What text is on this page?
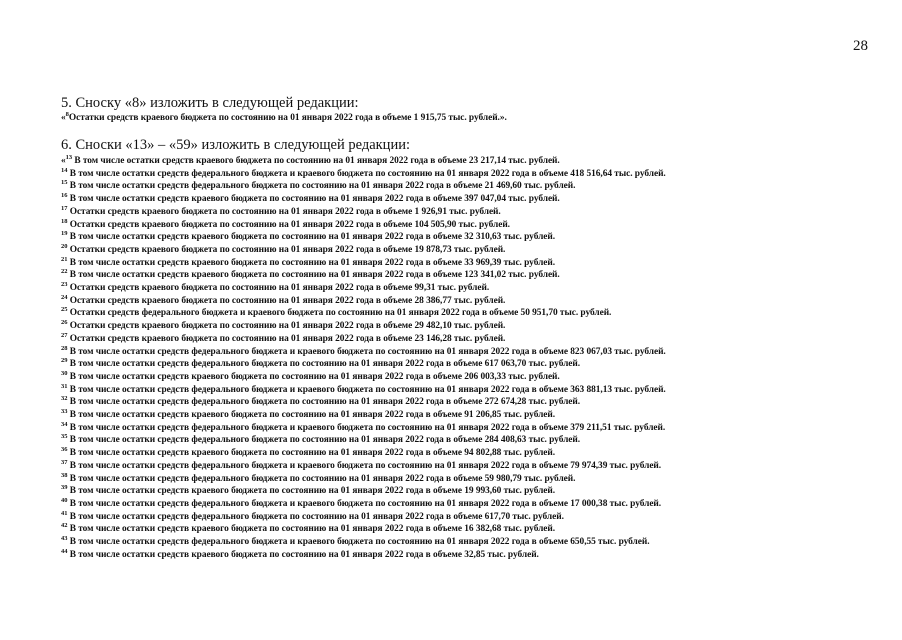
28

5. Сноску «8» изложить в следующей редакции:

«$^8$Остатки средств краевого бюджета по состоянию на 01 января 2022 года в объеме 1 915,75 тыс. рублей.».

6. Сноски «13» – «59» изложить в следующей редакции:

«$^{13}$ В том числе остатки средств краевого бюджета по состоянию на 01 января 2022 года в объеме 23 217,14 тыс. рублей.
$^{14}$ В том числе остатки средств федерального бюджета и краевого бюджета по состоянию на 01 января 2022 года в объеме 418 516,64 тыс. рублей.
$^{15}$ В том числе остатки средств федерального бюджета по состоянию на 01 января 2022 года в объеме 21 469,60 тыс. рублей.
$^{16}$ В том числе остатки средств краевого бюджета по состоянию на 01 января 2022 года в объеме 397 047,04 тыс. рублей.
$^{17}$ Остатки средств краевого бюджета по состоянию на 01 января 2022 года в объеме 1 926,91 тыс. рублей.
$^{18}$ Остатки средств краевого бюджета по состоянию на 01 января 2022 года в объеме 104 505,90 тыс. рублей.
$^{19}$ В том числе остатки средств краевого бюджета по состоянию на 01 января 2022 года в объеме 32 310,63 тыс. рублей.
$^{20}$ Остатки средств краевого бюджета по состоянию на 01 января 2022 года в объеме 19 878,73 тыс. рублей.
$^{21}$ В том числе остатки средств краевого бюджета по состоянию на 01 января 2022 года в объеме 33 969,39 тыс. рублей.
$^{22}$ В том числе остатки средств краевого бюджета по состоянию на 01 января 2022 года в объеме 123 341,02 тыс. рублей.
$^{23}$ Остатки средств краевого бюджета по состоянию на 01 января 2022 года в объеме 99,31 тыс. рублей.
$^{24}$ Остатки средств краевого бюджета по состоянию на 01 января 2022 года в объеме 28 386,77 тыс. рублей.
$^{25}$ Остатки средств федерального бюджета и краевого бюджета по состоянию на 01 января 2022 года в объеме 50 951,70 тыс. рублей.
$^{26}$ Остатки средств краевого бюджета по состоянию на 01 января 2022 года в объеме 29 482,10 тыс. рублей.
$^{27}$ Остатки средств краевого бюджета по состоянию на 01 января 2022 года в объеме 23 146,28 тыс. рублей.
$^{28}$ В том числе остатки средств федерального бюджета и краевого бюджета по состоянию на 01 января 2022 года в объеме 823 067,03 тыс. рублей.
$^{29}$ В том числе остатки средств федерального бюджета по состоянию на 01 января 2022 года в объеме 617 063,70 тыс. рублей.
$^{30}$ В том числе остатки средств краевого бюджета по состоянию на 01 января 2022 года в объеме 206 003,33 тыс. рублей.
$^{31}$ В том числе остатки средств федерального бюджета и краевого бюджета по состоянию на 01 января 2022 года в объеме 363 881,13 тыс. рублей.
$^{32}$ В том числе остатки средств федерального бюджета по состоянию на 01 января 2022 года в объеме 272 674,28 тыс. рублей.
$^{33}$ В том числе остатки средств краевого бюджета по состоянию на 01 января 2022 года в объеме 91 206,85 тыс. рублей.
$^{34}$ В том числе остатки средств федерального бюджета и краевого бюджета по состоянию на 01 января 2022 года в объеме 379 211,51 тыс. рублей.
$^{35}$ В том числе остатки средств федерального бюджета по состоянию на 01 января 2022 года в объеме 284 408,63 тыс. рублей.
$^{36}$ В том числе остатки средств краевого бюджета по состоянию на 01 января 2022 года в объеме 94 802,88 тыс. рублей.
$^{37}$ В том числе остатки средств федерального бюджета и краевого бюджета по состоянию на 01 января 2022 года в объеме 79 974,39 тыс. рублей.
$^{38}$ В том числе остатки средств федерального бюджета по состоянию на 01 января 2022 года в объеме 59 980,79 тыс. рублей.
$^{39}$ В том числе остатки средств краевого бюджета по состоянию на 01 января 2022 года в объеме 19 993,60 тыс. рублей.
$^{40}$ В том числе остатки средств федерального бюджета и краевого бюджета по состоянию на 01 января 2022 года в объеме 17 000,38 тыс. рублей.
$^{41}$ В том числе остатки средств федерального бюджета по состоянию на 01 января 2022 года в объеме 617,70 тыс. рублей.
$^{42}$ В том числе остатки средств краевого бюджета по состоянию на 01 января 2022 года в объеме 16 382,68 тыс. рублей.
$^{43}$ В том числе остатки средств федерального бюджета и краевого бюджета по состоянию на 01 января 2022 года в объеме 650,55 тыс. рублей.
$^{44}$ В том числе остатки средств краевого бюджета по состоянию на 01 января 2022 года в объеме 32,85 тыс. рублей.
